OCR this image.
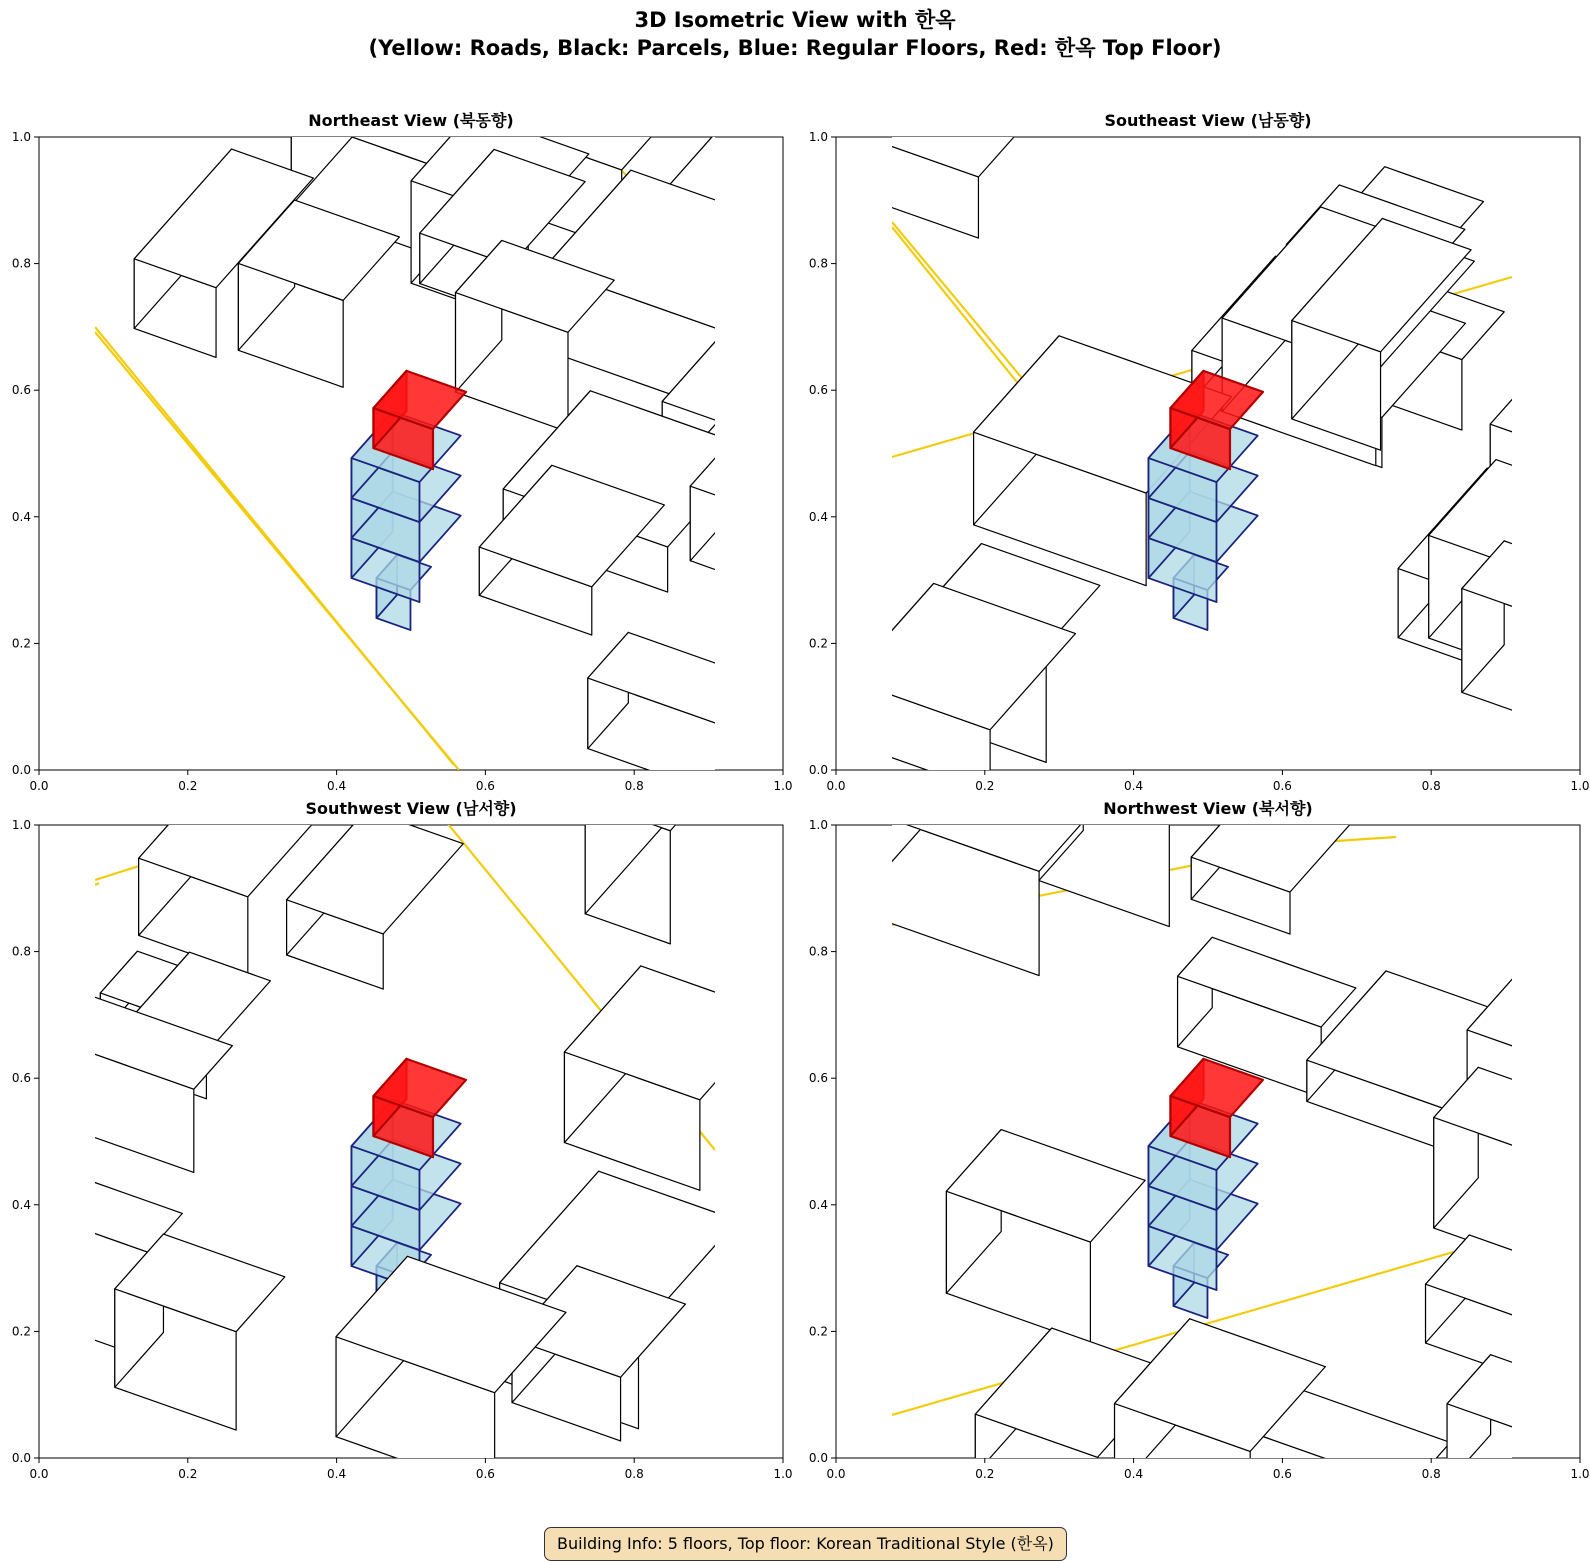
3D Isometric View with 한옥
(Yellow: Roads, Black: Parcels, Blue: Regular Floors, Red: 한옥 Top Floor)
Northeast View (북동향)
0.0
0.0
0.2
0.2
0.4
0.4
0.6
0.6
0.8
0.8
1.0
1.0
Southeast View (남동향)
0.0
0.0
0.2
0.2
0.4
0.4
0.6
0.6
0.8
0.8
1.0
1.0
Southwest View (남서향)
0.0
0.0
0.2
0.2
0.4
0.4
0.6
0.6
0.8
0.8
1.0
1.0
Northwest View (북서향)
0.0
0.0
0.2
0.2
0.4
0.4
0.6
0.6
0.8
0.8
1.0
1.0
Building Info: 5 floors, Top floor: Korean Traditional Style (한옥)
